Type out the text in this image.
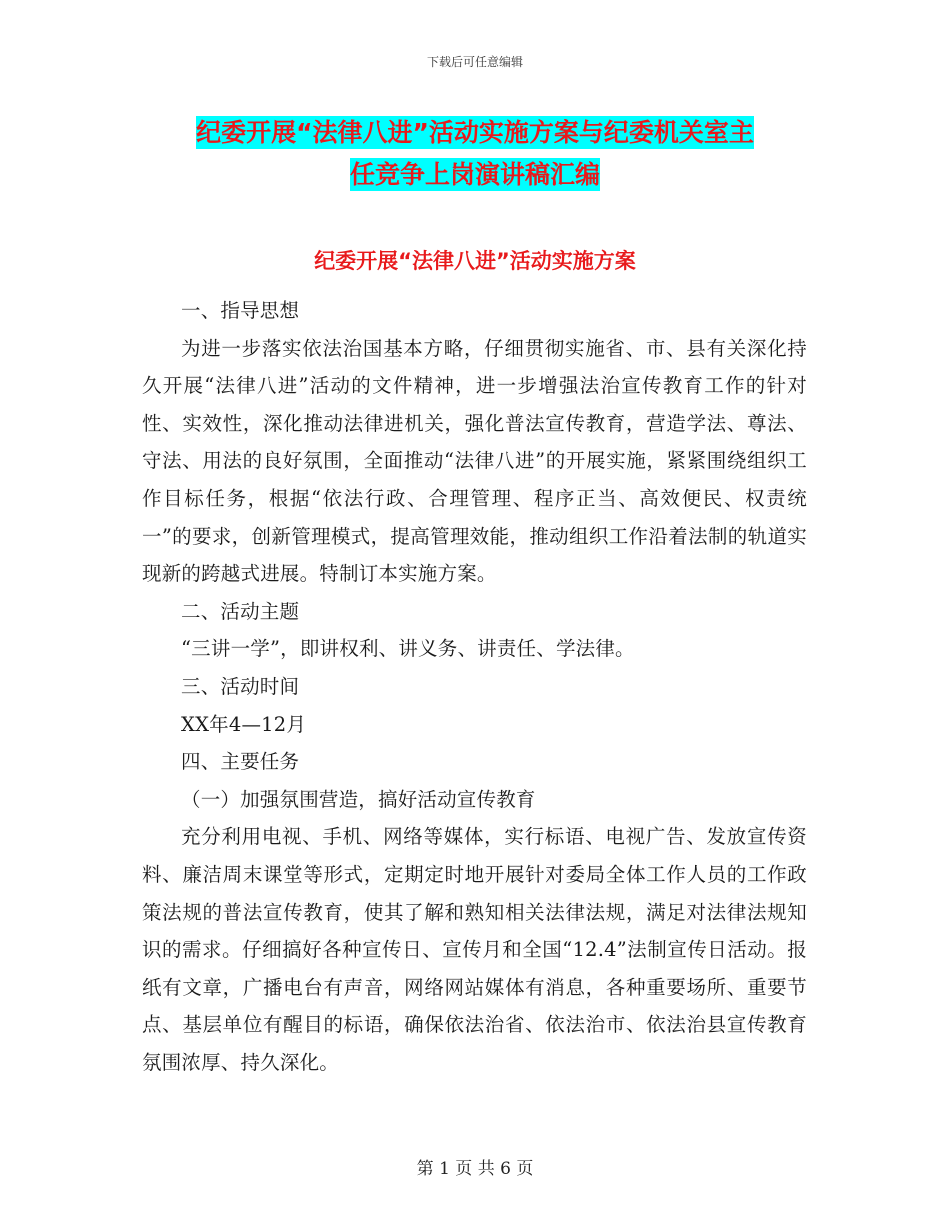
下载后可任意编辑
纪委开展“法律八进”活动实施方案与纪委机关室主
任竞争上岗演讲稿汇编
纪委开展“法律八进”活动实施方案

一、指导思想

为进一步落实依法治国基本方略，仔细贯彻实施省、市、县有关深化持久开展“法律八进”活动的文件精神，进一步增强法治宣传教育工作的针对性、实效性，深化推动法律进机关，强化普法宣传教育，营造学法、尊法、守法、用法的良好氛围，全面推动“法律八进”的开展实施，紧紧围绕组织工作目标任务，根据“依法行政、合理管理、程序正当、高效便民、权责统一”的要求，创新管理模式，提高管理效能，推动组织工作沿着法制的轨道实现新的跨越式进展。特制订本实施方案。

二、活动主题

“三讲一学”，即讲权利、讲义务、讲责任、学法律。

三、活动时间

XX年4—12月

四、主要任务

（一）加强氛围营造，搞好活动宣传教育

充分利用电视、手机、网络等媒体，实行标语、电视广告、发放宣传资料、廉洁周末课堂等形式，定期定时地开展针对委局全体工作人员的工作政策法规的普法宣传教育，使其了解和熟知相关法律法规，满足对法律法规知识的需求。仔细搞好各种宣传日、宣传月和全国“12.4”法制宣传日活动。报纸有文章，广播电台有声音，网络网站媒体有消息，各种重要场所、重要节点、基层单位有醒目的标语，确保依法治省、依法治市、依法治县宣传教育氛围浓厚、持久深化。

第 1 页 共 6 页
